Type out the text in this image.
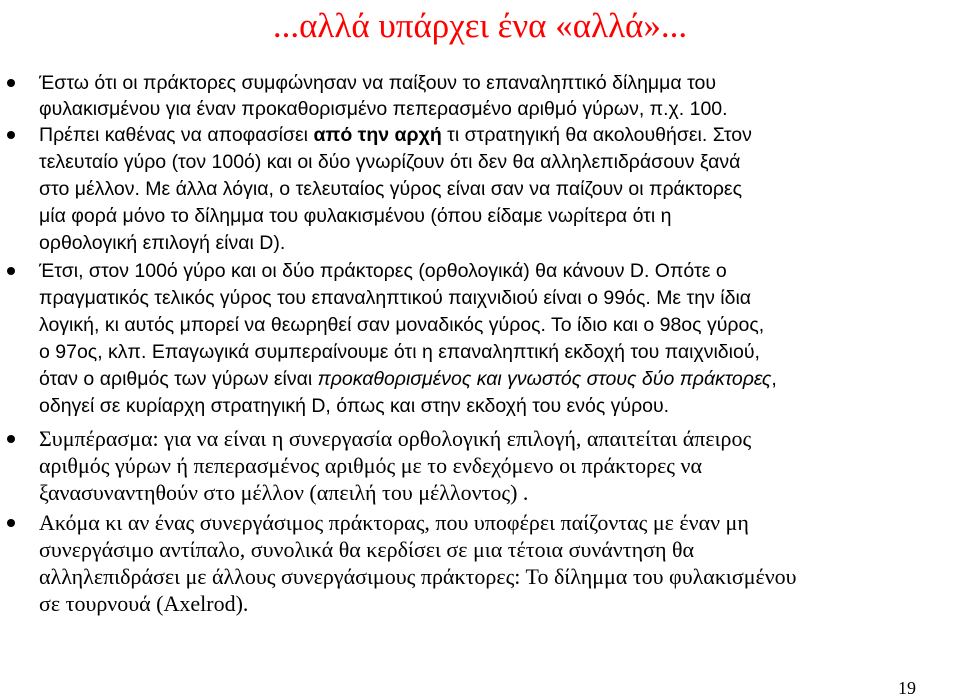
...αλλά υπάρχει ένα «αλλά»...
Έστω ότι οι πράκτορες συμφώνησαν να παίξουν το επαναληπτικό δίλημμα του
φυλακισμένου για έναν προκαθορισμένο πεπερασμένο αριθμό γύρων, π.χ. 100.
Πρέπει καθένας να αποφασίσει από την αρχή τι στρατηγική θα ακολουθήσει. Στον
τελευταίο γύρο (τον 100ό) και οι δύο γνωρίζουν ότι δεν θα αλληλεπιδράσουν ξανά
στο μέλλον. Με άλλα λόγια, ο τελευταίος γύρος είναι σαν να παίζουν οι πράκτορες
μία φορά μόνο το δίλημμα του φυλακισμένου (όπου είδαμε νωρίτερα ότι η
ορθολογική επιλογή είναι D).
Έτσι, στον 100ό γύρο και οι δύο πράκτορες (ορθολογικά) θα κάνουν D. Οπότε ο
πραγματικός τελικός γύρος του επαναληπτικού παιχνιδιού είναι ο 99ός. Με την ίδια
λογική, κι αυτός μπορεί να θεωρηθεί σαν μοναδικός γύρος. Το ίδιο και ο 98ος γύρος,
ο 97ος, κλπ. Επαγωγικά συμπεραίνουμε ότι η επαναληπτική εκδοχή του παιχνιδιού,
όταν ο αριθμός των γύρων είναι προκαθορισμένος και γνωστός στους δύο πράκτορες,
οδηγεί σε κυρίαρχη στρατηγική D, όπως και στην εκδοχή του ενός γύρου.
Συμπέρασμα: για να είναι η συνεργασία ορθολογική επιλογή, απαιτείται άπειρος
αριθμός γύρων ή πεπερασμένος αριθμός με το ενδεχόμενο οι πράκτορες να
ξανασυναντηθούν στο μέλλον (απειλή του μέλλοντος) .
Ακόμα κι αν ένας συνεργάσιμος πράκτορας, που υποφέρει παίζοντας με έναν μη
συνεργάσιμο αντίπαλο, συνολικά θα κερδίσει σε μια τέτοια συνάντηση θα
αλληλεπιδράσει με άλλους συνεργάσιμους πράκτορες: Το δίλημμα του φυλακισμένου
σε τουρνουά (Axelrod).
19
